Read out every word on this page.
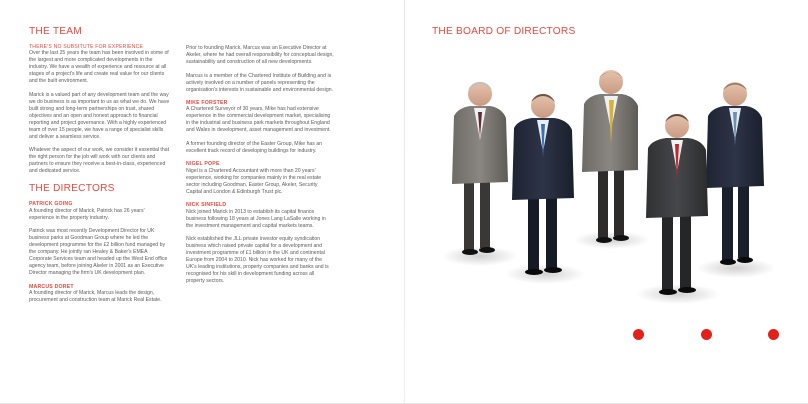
THE TEAM
THERE'S NO SUBSITUTE FOR EXPERIENCE

Over the last 25 years the team has been involved in some of the largest and more complicated developments in the industry. We have a wealth of experience and resource at all stages of a project's life and create real value for our clients and the built environment.

Marick is a valued part of any development team and the way we do business is as important to us as what we do. We have built strong and long-term partnerships on trust, shared objectives and an open and honest approach to financial reporting and project governance. With a highly experienced team of over 15 people, we have a range of specialist skills and deliver a seamless service.

Whatever the aspect of our work, we consider it essential that the right person for the job will work with our clients and partners to ensure they receive a best-in-class, experienced and dedicated service.

THE DIRECTORS
PATRICK GOING

A founding director of Marick, Patrick has 26 years' experience in the property industry.

Patrick was most recently Development Director for UK business parks at Goodman Group where he led the development programme for the £2 billion fund managed by the company. He jointly ran Healey & Baker's EMEA Corporate Services team and headed up the West End office agency team, before joining Akeler in 2001 as an Executive Director managing the firm's UK development plan.

MARCUS DORET

A founding director of Marick, Marcus leads the design, procurement and construction team at Marick Real Estate.

Prior to founding Marick, Marcus was an Executive Director at Akeler, where he had overall responsibility for conceptual design, sustainability and construction of all new developments.

Marcus is a member of the Chartered Institute of Building and is actively involved on a number of panels representing the organisation's interests in sustainable and environmental design.

MIKE FORSTER

A Chartered Surveyor of 30 years, Mike has had extensive experience in the commercial development market, specialising in the industrial and business park markets throughout England and Wales in development, asset management and investment.

A former founding director of the Easter Group, Mike has an excellent track record of developing buildings for industry.

NIGEL POPE

Nigel is a Chartered Accountant with more than 20 years' experience, working for companies mainly in the real estate sector including Goodman, Easter Group, Akeler, Security Capital and London & Edinburgh Trust plc.

NICK SINFIELD

Nick joined Marick in 2013 to establish its capital finance business following 18 years at Jones Lang LaSalle working in the investment management and capital markets teams.

Nick established the JLL private investor equity syndication business which raised private capital for a development and investment programme of £1 billion in the UK and continental Europe from 2004 to 2010. Nick has worked for many of the UK's leading institutions, property companies and banks and is recognised for his skill in development funding across all property sectors.

THE BOARD OF DIRECTORS
